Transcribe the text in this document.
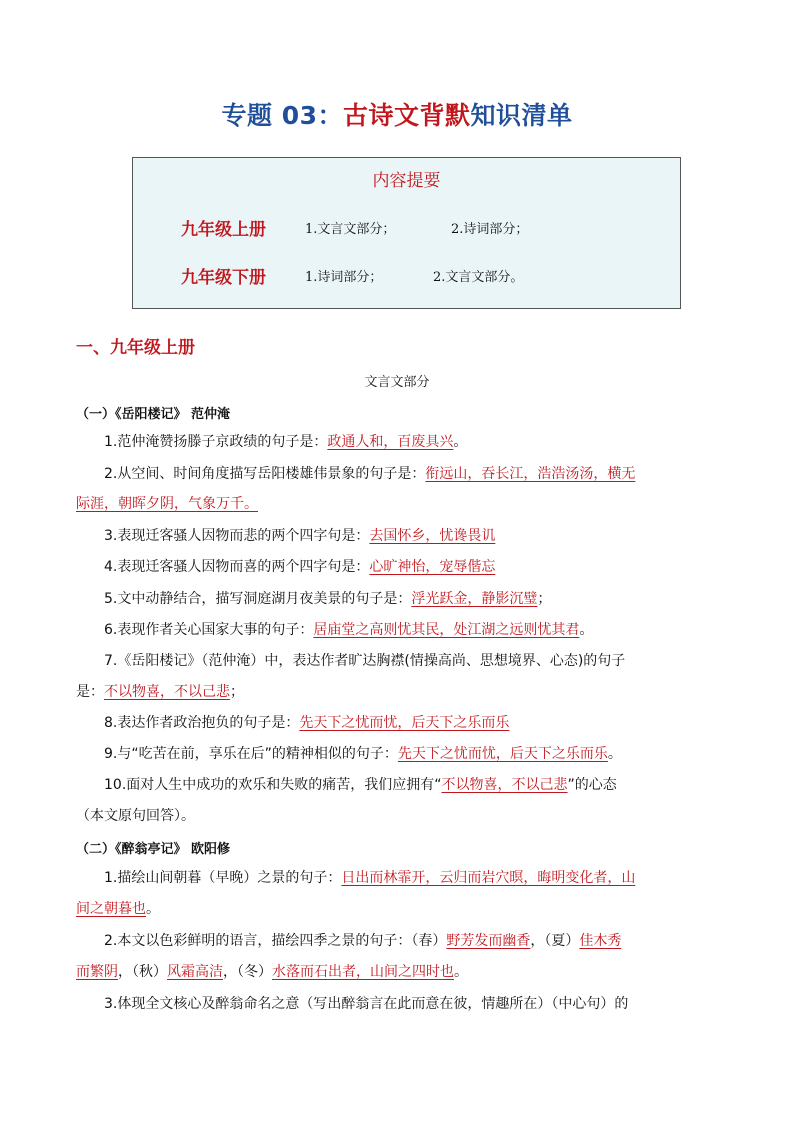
专题 03：古诗文背默知识清单
内容提要
九年级上册	1.文言文部分；	2.诗词部分；
九年级下册	1.诗词部分；	2.文言文部分。
一、九年级上册
文言文部分
（一）《岳阳楼记》 范仲淹
1.范仲淹赞扬滕子京政绩的句子是：政通人和，百废具兴。
2.从空间、时间角度描写岳阳楼雄伟景象的句子是：衔远山，吞长江，浩浩汤汤，横无
际涯，朝晖夕阴，气象万千。
3.表现迁客骚人因物而悲的两个四字句是：去国怀乡，忧谗畏讥
4.表现迁客骚人因物而喜的两个四字句是：心旷神怡，宠辱偕忘
5.文中动静结合，描写洞庭湖月夜美景的句子是：浮光跃金，静影沉璧；
6.表现作者关心国家大事的句子：居庙堂之高则忧其民，处江湖之远则忧其君。
7.《岳阳楼记》（范仲淹）中，表达作者旷达胸襟(情操高尚、思想境界、心态)的句子
是：不以物喜，不以己悲；
8.表达作者政治抱负的句子是：先天下之忧而忧，后天下之乐而乐
9.与“吃苦在前，享乐在后”的精神相似的句子：先天下之忧而忧，后天下之乐而乐。
10.面对人生中成功的欢乐和失败的痛苦，我们应拥有“不以物喜，不以己悲”的心态
（本文原句回答）。
（二）《醉翁亭记》 欧阳修
1.描绘山间朝暮（早晚）之景的句子：日出而林霏开，云归而岩穴暝，晦明变化者，山
间之朝暮也。
2.本文以色彩鲜明的语言，描绘四季之景的句子：（春）野芳发而幽香，（夏）佳木秀
而繁阴，（秋）风霜高洁，（冬）水落而石出者，山间之四时也。
3.体现全文核心及醉翁命名之意（写出醉翁言在此而意在彼，情趣所在）（中心句）的
